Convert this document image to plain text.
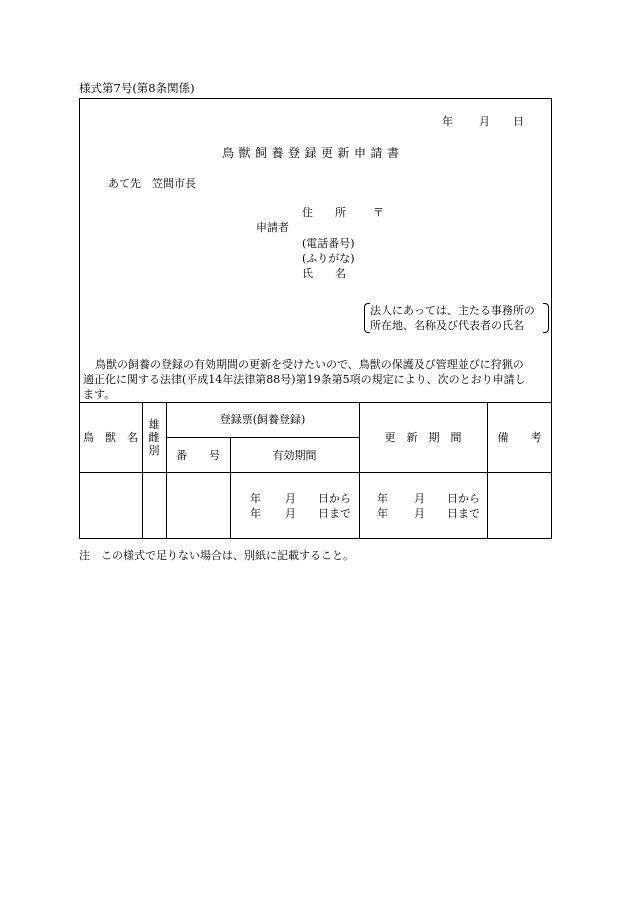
様式第7号(第8条関係)
年 月 日
鳥獣飼養登録更新申請書
あて先　笠間市長
住　　所 〒
申請者
(電話番号)
(ふりがな)
氏　　名
法人にあっては、主たる事務所の
所在地、名称及び代表者の氏名
鳥獣の飼養の登録の有効期間の更新を受けたいので、鳥獣の保護及び管理並びに狩猟の
適正化に関する法律(平成14年法律第88号)第19条第5項の規定により、次のとおり申請し
ます。
鳥　獣　名
雄
雌
別
登録票(飼養登録)
番　　号	有効期間
更　新　期　間	備　　考
年 月 日から
年 月 日まで
年 月 日から
年 月 日まで
注　この様式で足りない場合は、別紙に記載すること。
